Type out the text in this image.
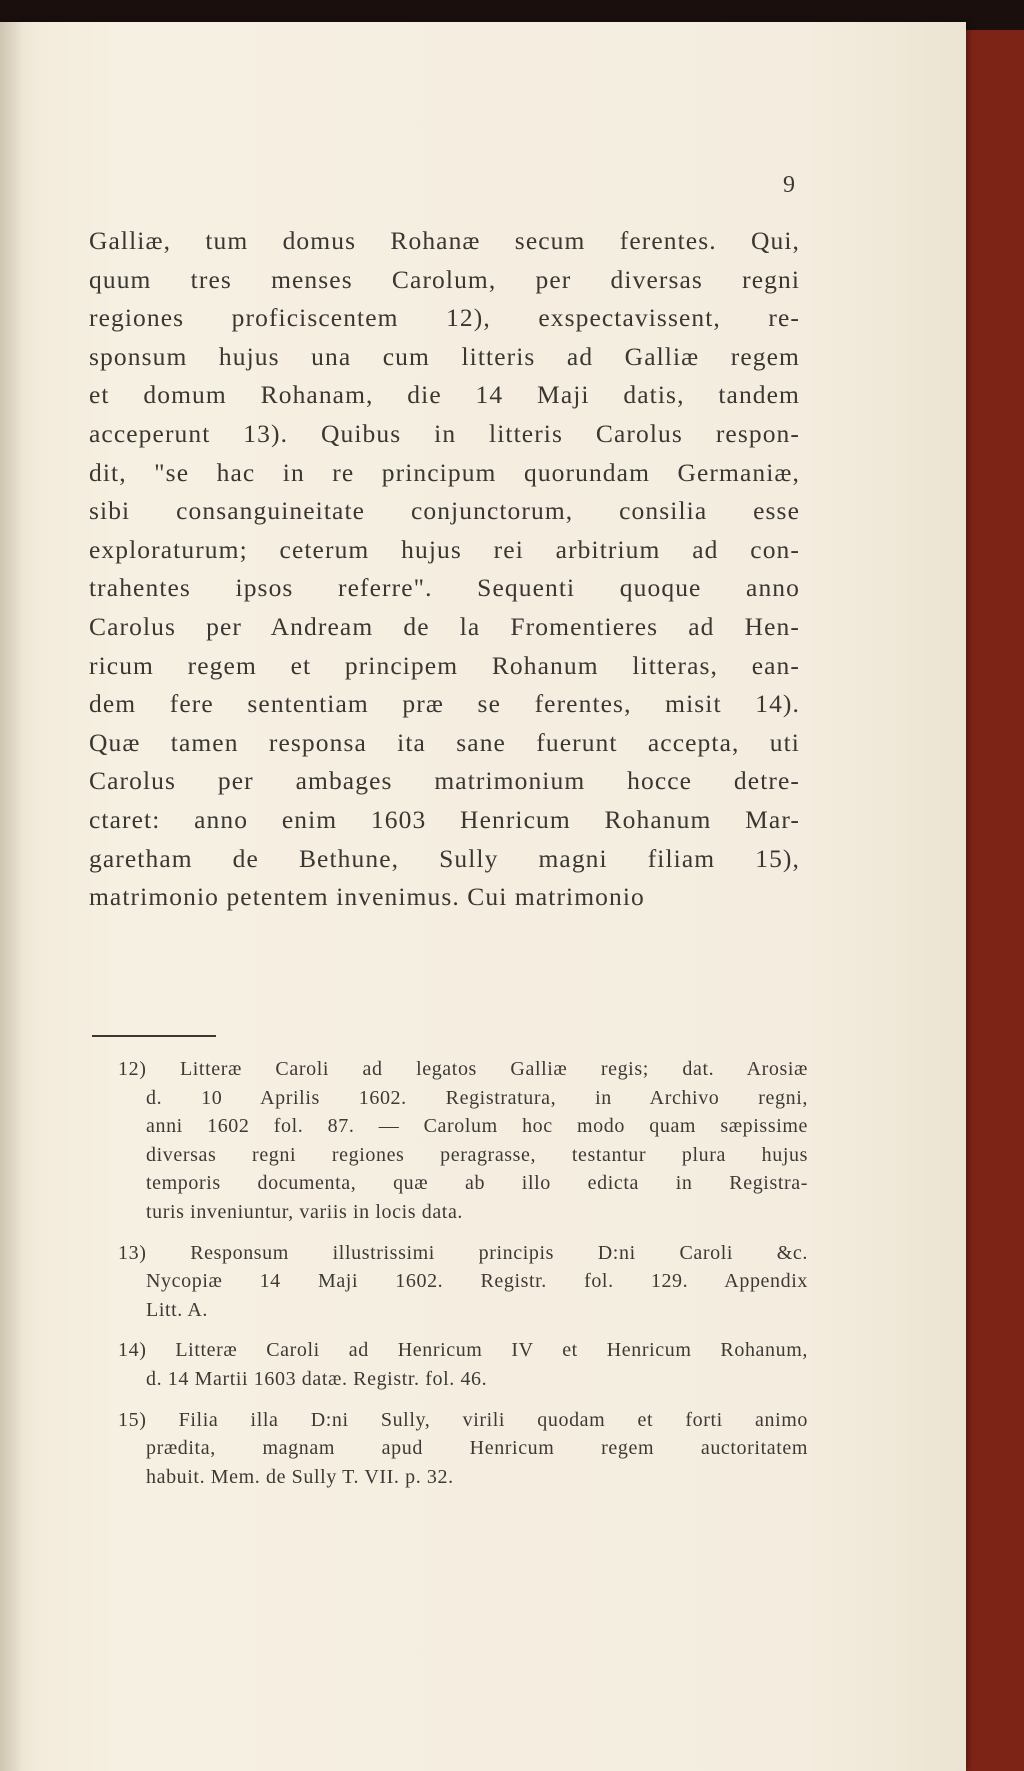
9
Galliæ, tum domus Rohanæ secum ferentes. Qui,
quum tres menses Carolum, per diversas regni
regiones proficiscentem 12), exspectavissent, re-
sponsum hujus una cum litteris ad Galliæ regem
et domum Rohanam, die 14 Maji datis, tandem
acceperunt 13). Quibus in litteris Carolus respon-
dit, "se hac in re principum quorundam Germaniæ,
sibi consanguineitate conjunctorum, consilia esse
exploraturum; ceterum hujus rei arbitrium ad con-
trahentes ipsos referre". Sequenti quoque anno
Carolus per Andream de la Fromentieres ad Hen-
ricum regem et principem Rohanum litteras, ean-
dem fere sententiam præ se ferentes, misit 14).
Quæ tamen responsa ita sane fuerunt accepta, uti
Carolus per ambages matrimonium hocce detre-
ctaret: anno enim 1603 Henricum Rohanum Mar-
garetham de Bethune, Sully magni filiam 15),
matrimonio petentem invenimus. Cui matrimonio
12) Litteræ Caroli ad legatos Galliæ regis; dat. Arosiæ
d. 10 Aprilis 1602. Registratura, in Archivo regni,
anni 1602 fol. 87. — Carolum hoc modo quam sæpissime
diversas regni regiones peragrasse, testantur plura hujus
temporis documenta, quæ ab illo edicta in Registra-
turis inveniuntur, variis in locis data.
13) Responsum illustrissimi principis D:ni Caroli &c.
Nycopiæ 14 Maji 1602. Registr. fol. 129. Appendix
Litt. A.
14) Litteræ Caroli ad Henricum IV et Henricum Rohanum,
d. 14 Martii 1603 datæ. Registr. fol. 46.
15) Filia illa D:ni Sully, virili quodam et forti animo
prædita, magnam apud Henricum regem auctoritatem
habuit. Mem. de Sully T. VII. p. 32.
